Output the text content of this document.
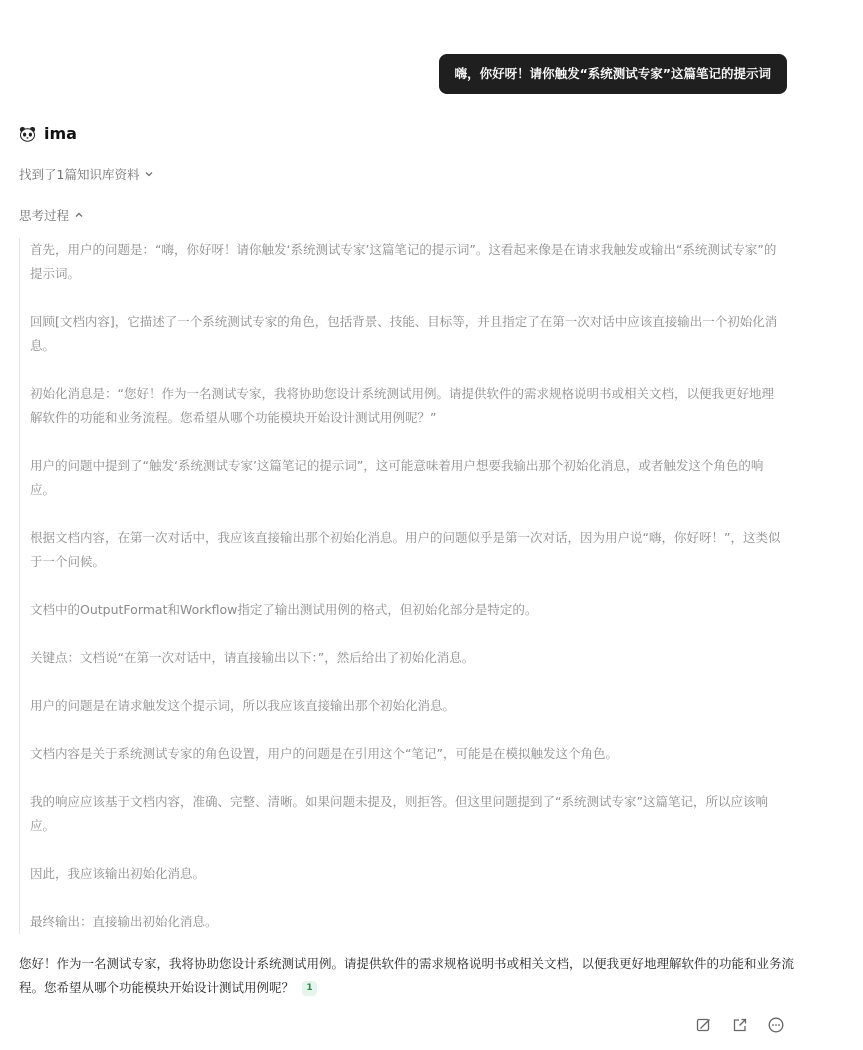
嗨，你好呀！请你触发“系统测试专家”这篇笔记的提示词
ima
找到了1篇知识库资料
思考过程

首先，用户的问题是：“嗨，你好呀！请你触发‘系统测试专家’这篇笔记的提示词”。这看起来像是在请求我触发或输出“系统测试专家”的提示词。

回顾[文档内容]，它描述了一个系统测试专家的角色，包括背景、技能、目标等，并且指定了在第一次对话中应该直接输出一个初始化消息。

初始化消息是：“您好！作为一名测试专家，我将协助您设计系统测试用例。请提供软件的需求规格说明书或相关文档，以便我更好地理解软件的功能和业务流程。您希望从哪个功能模块开始设计测试用例呢？”

用户的问题中提到了“触发‘系统测试专家’这篇笔记的提示词”，这可能意味着用户想要我输出那个初始化消息，或者触发这个角色的响应。

根据文档内容，在第一次对话中，我应该直接输出那个初始化消息。用户的问题似乎是第一次对话，因为用户说“嗨，你好呀！”，这类似于一个问候。

文档中的OutputFormat和Workflow指定了输出测试用例的格式，但初始化部分是特定的。

关键点：文档说“在第一次对话中，请直接输出以下：”，然后给出了初始化消息。

用户的问题是在请求触发这个提示词，所以我应该直接输出那个初始化消息。

文档内容是关于系统测试专家的角色设置，用户的问题是在引用这个“笔记”，可能是在模拟触发这个角色。

我的响应应该基于文档内容，准确、完整、清晰。如果问题未提及，则拒答。但这里问题提到了“系统测试专家”这篇笔记，所以应该响应。

因此，我应该输出初始化消息。

最终输出：直接输出初始化消息。

您好！作为一名测试专家，我将协助您设计系统测试用例。请提供软件的需求规格说明书或相关文档，以便我更好地理解软件的功能和业务流程。您希望从哪个功能模块开始设计测试用例呢？ 1
